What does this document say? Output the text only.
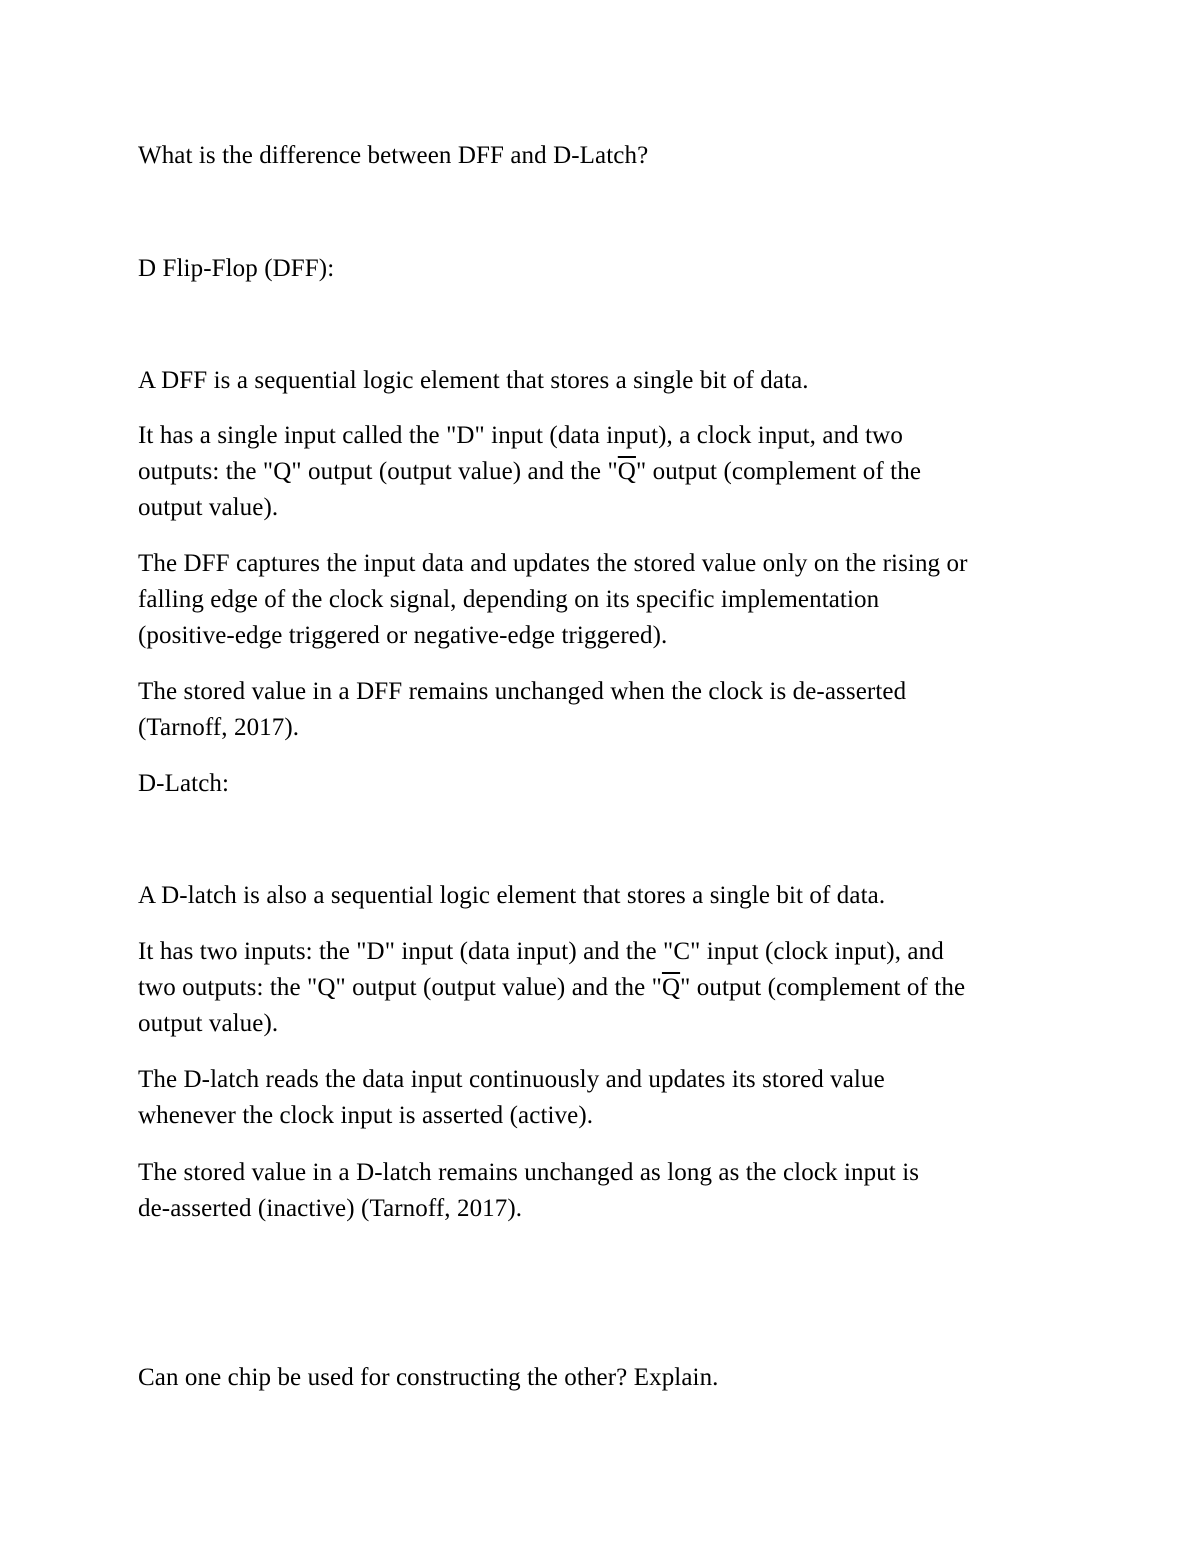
What is the difference between DFF and D-Latch?

D Flip-Flop (DFF):

A DFF is a sequential logic element that stores a single bit of data.

It has a single input called the "D" input (data input), a clock input, and two

outputs: the "Q" output (output value) and the "$\overline{Q}$" output (complement of the

output value).

The DFF captures the input data and updates the stored value only on the rising or

falling edge of the clock signal, depending on its specific implementation

(positive-edge triggered or negative-edge triggered).

The stored value in a DFF remains unchanged when the clock is de-asserted

(Tarnoff, 2017).

D-Latch:

A D-latch is also a sequential logic element that stores a single bit of data.

It has two inputs: the "D" input (data input) and the "C" input (clock input), and

two outputs: the "Q" output (output value) and the "$\overline{Q}$" output (complement of the

output value).

The D-latch reads the data input continuously and updates its stored value

whenever the clock input is asserted (active).

The stored value in a D-latch remains unchanged as long as the clock input is

de-asserted (inactive) (Tarnoff, 2017).

Can one chip be used for constructing the other? Explain.
